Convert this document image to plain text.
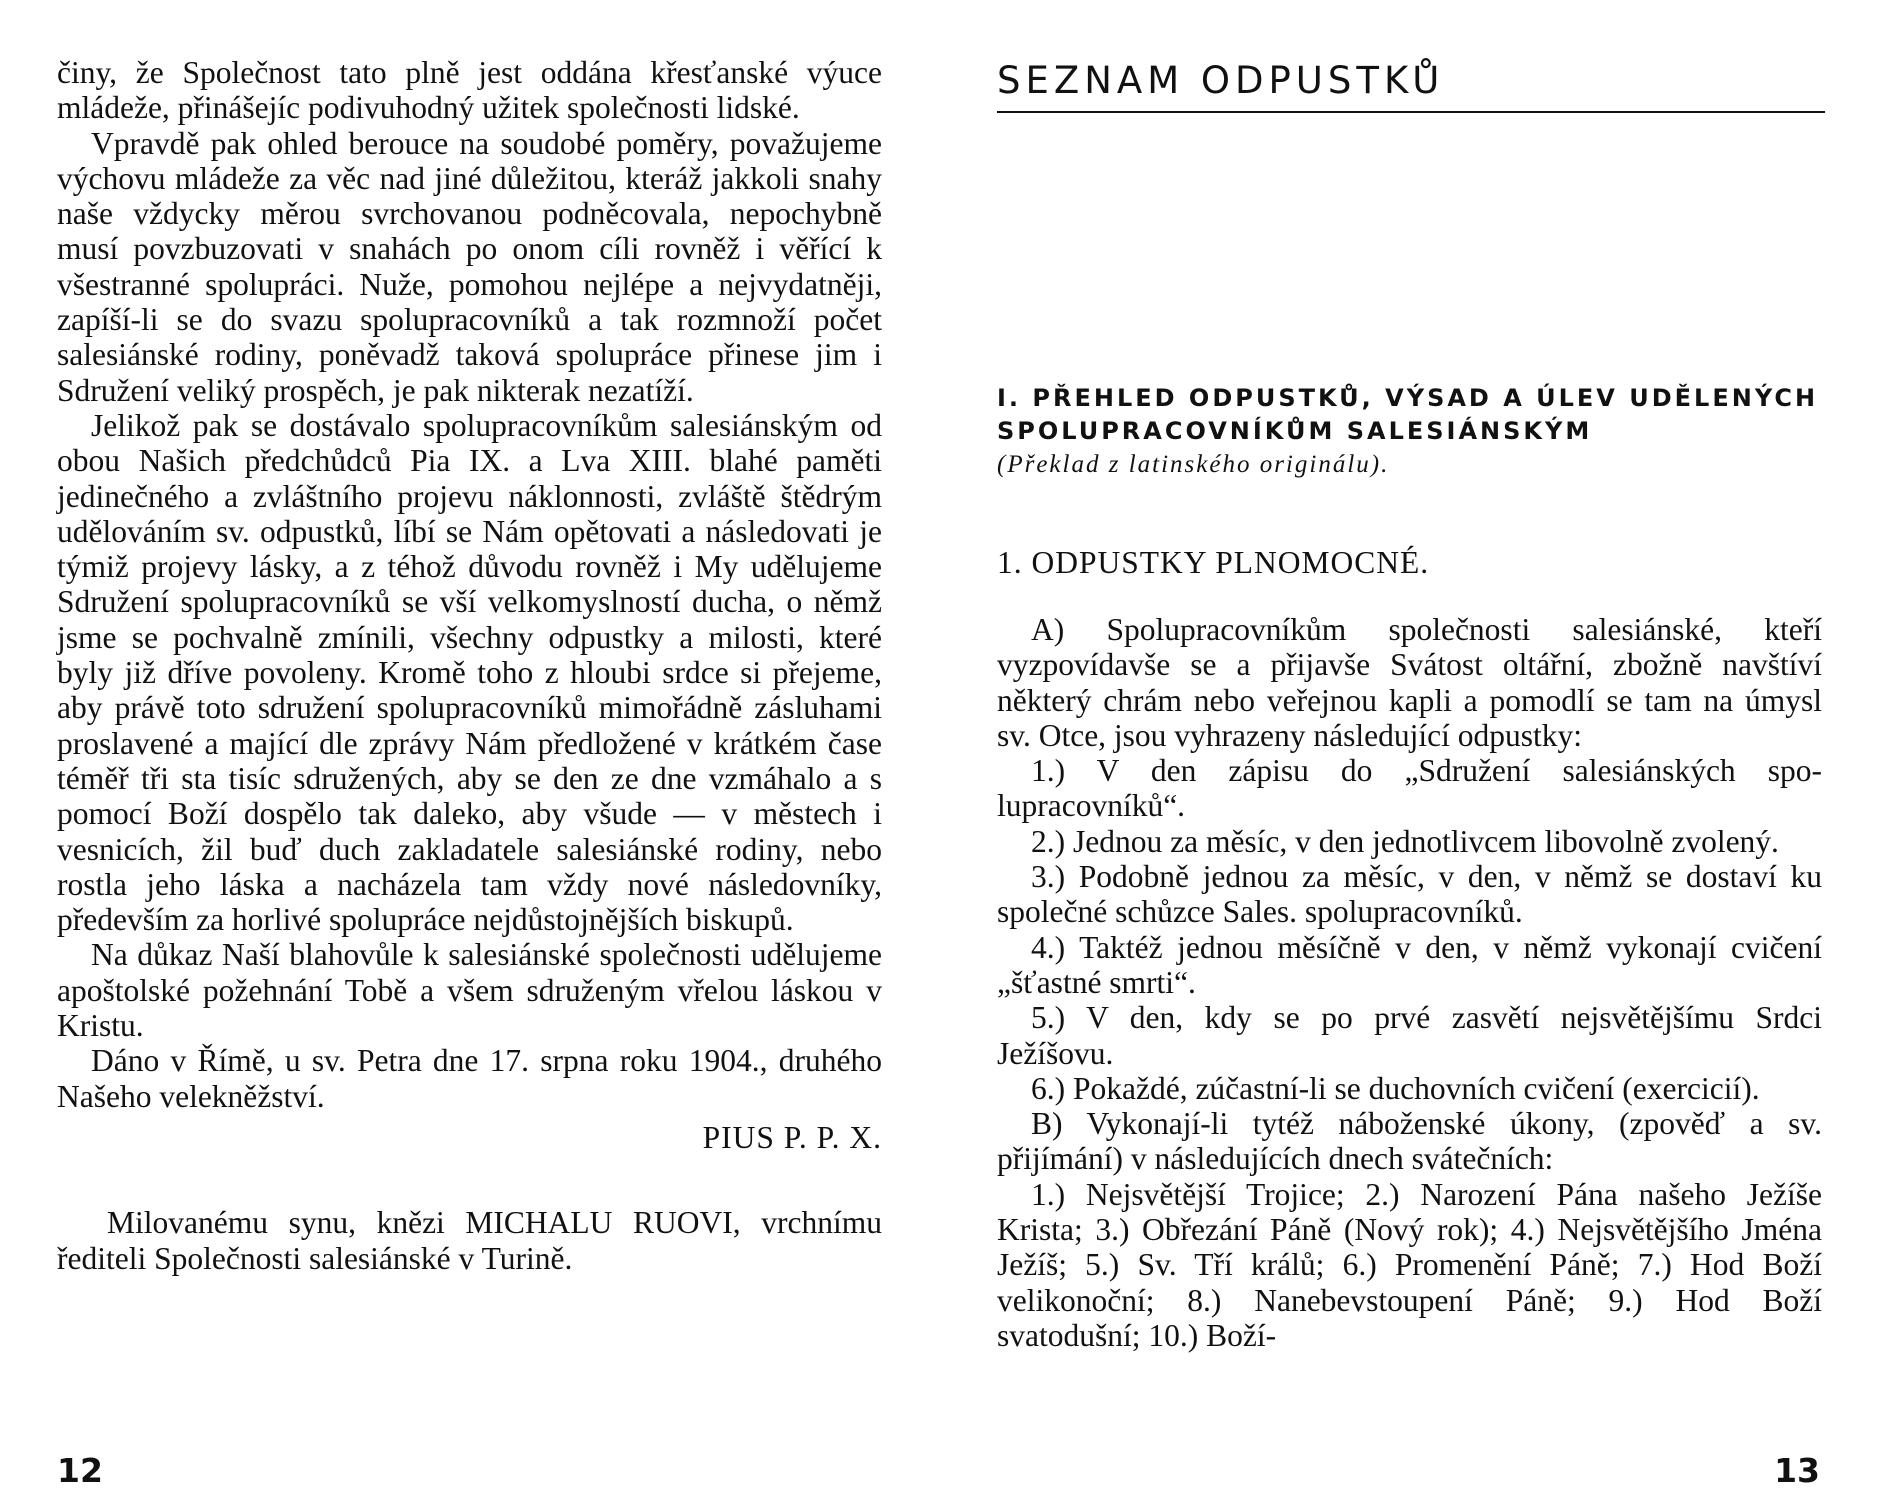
činy, že Společnost tato plně jest oddána křesťanské výuce mládeže, přinášejíc podivuhodný užitek společnosti lidské.

Vpravdě pak ohled berouce na soudobé poměry, považujeme výchovu mládeže za věc nad jiné důležitou, kteráž jakkoli snahy naše vždycky měrou svrchovanou podněcovala, nepochybně musí povzbuzovati v snahách po onom cíli rovněž i věřící k všestranné spolupráci. Nuže, pomohou nejlépe a nejvydatněji, zapíší-li se do svazu spolupracovníků a tak rozmnoží počet salesiánské rodiny, poněvadž taková spolupráce přinese jim i Sdružení veliký prospěch, je pak nikterak nezatíží.

Jelikož pak se dostávalo spolupracovníkům salesiánským od obou Našich předchůdců Pia IX. a Lva XIII. blahé paměti jedinečného a zvláštního projevu náklonnosti, zvláště štědrým udělováním sv. odpustků, líbí se Nám opětovati a následovati je týmiž projevy lásky, a z téhož důvodu rovněž i My udělujeme Sdružení spolupracovníků se vší velkomyslností ducha, o němž jsme se pochvalně zmínili, všechny odpustky a milosti, které byly již dříve povoleny. Kromě toho z hloubi srdce si přejeme, aby právě toto sdružení spolupracovníků mimořádně zásluhami proslavené a mající dle zprávy Nám předložené v krátkém čase téměř tři sta tisíc sdružených, aby se den ze dne vzmáhalo a s pomocí Boží dospělo tak daleko, aby všude — v městech i vesnicích, žil buď duch zakladatele salesiánské rodiny, nebo rostla jeho láska a nacházela tam vždy nové následovníky, především za horlivé spolupráce nejdůstojnějších biskupů.

Na důkaz Naší blahovůle k salesiánské společnosti udělujeme apoštolské požehnání Tobě a všem sdruženým vřelou láskou v Kristu.

Dáno v Římě, u sv. Petra dne 17. srpna roku 1904., druhého Našeho velekněžství.

PIUS P. P. X.

Milovanému synu, knězi MICHALU RUOVI, vrchnímu řediteli Společnosti salesiánské v Turině.

12
SEZNAM ODPUSTKŮ
I. PŘEHLED ODPUSTKŮ, VÝSAD A ÚLEV UDĚLENÝCH SPOLUPRACOVNÍKŮM SALESIÁNSKÝM
(Překlad z latinského originálu).
1. ODPUSTKY PLNOMOCNÉ.

A) Spolupracovníkům společnosti salesiánské, kteří vyzpovídavše se a přijavše Svátost oltářní, zbožně navštíví některý chrám nebo veřejnou kapli a pomodlí se tam na úmysl sv. Otce, jsou vyhrazeny následující odpustky:

1.) V den zápisu do „Sdružení salesiánských spolupracovníků“.

2.) Jednou za měsíc, v den jednotlivcem libovolně zvolený.

3.) Podobně jednou za měsíc, v den, v němž se dostaví ku společné schůzce Sales. spolupracovníků.

4.) Taktéž jednou měsíčně v den, v němž vykonají cvičení „šťastné smrti“.

5.) V den, kdy se po prvé zasvětí nejsvětějšímu Srdci Ježíšovu.

6.) Pokaždé, zúčastní-li se duchovních cvičení (exercicií).

B) Vykonají-li tytéž náboženské úkony, (zpověď a sv. přijímání) v následujících dnech svátečních:

1.) Nejsvětější Trojice; 2.) Narození Pána našeho Ježíše Krista; 3.) Obřezání Páně (Nový rok); 4.) Nejsvětějšího Jména Ježíš; 5.) Sv. Tří králů; 6.) Promenění Páně; 7.) Hod Boží velikonoční; 8.) Nanebevstoupení Páně; 9.) Hod Boží svatodušní; 10.) Boží-

13
